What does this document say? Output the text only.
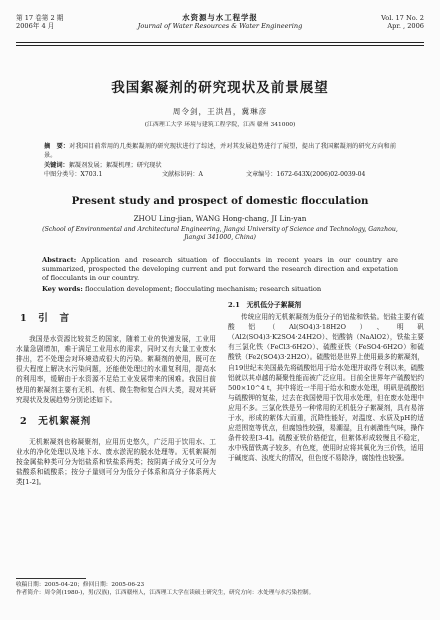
第 17 卷第 2 期
2006年 4 月
水资源与水工程学报
Journal of Water Resources & Water Engineering
Vol. 17 No. 2
Apr. , 2006
我国絮凝剂的研究现状及前景展望
周令剑，王洪昌，冀琳彦
(江西理工大学 环境与建筑工程学院，江西 赣州 341000)
摘　要：对我国目前常用的几类絮凝剂的研究现状进行了综述，并对其发展趋势进行了展望，提出了我国絮凝剂的研究方向和前景。
关键词：絮凝剂发展；絮凝机理；研究现状
中图分类号：X703.1	文献标识码：A	文章编号：1672-643X(2006)02-0039-04
Present study and prospect of domestic flocculation
ZHOU Ling-jian, WANG Hong-chang, JI Lin-yan
(School of Environmental and Architectural Engineering, Jiangxi University of Science and Technology, Ganzhou, Jiangxi 341000, China)
Abstract: Application and research situation of flocculants in recent years in our country are summarized, prospected the developing current and put forward the research direction and expetation of flocculants in our country.
Key words: flocculation development; flocculating mechanism; research situation
1　引　言
我国是水资源比较贫乏的国家，随着工业的快速发展，工业用水量急剧增加，难于满足工业用水的需求，同时又有大量工业废水排出，若不处理会对环境造成很大的污染。絮凝剂的使用，既可在很大程度上解决水污染问题，还能使处理过的水重复利用，提高水的利用率，缓解由于水资源不足给工业发展带来的困难。我国目前使用的絮凝剂主要有无机、有机、微生物和复合四大类，现对其研究现状及发展趋势分别论述如下。
2　无机絮凝剂
无机絮凝剂也称凝聚剂，应用历史悠久，广泛用于饮用水、工业水的净化处理以及地下水、废水淤泥的脱水处理等。无机絮凝剂按金属盐种类可分为铝盐系和铁盐系两类；按阴离子成分又可分为盐酸系和硫酸系；按分子量则可分为低分子体系和高分子体系两大类[1-2]。
2.1　无机低分子絮凝剂
传统应用的无机絮凝剂为低分子的铝盐和铁盐。铝盐主要有硫酸铝（Al(SO4)3·18H2O）、明矾（Al2(SO4)3·K2SO4·24H2O）、铝酸钠（NaAlO2），铁盐主要有三氯化铁（FeCl3·6H2O）、硫酸亚铁（FeSO4·6H2O）和硫酸铁（Fe2(SO4)3·2H2O）。硫酸铝是世界上使用最多的絮凝剂，自19世纪末美国最先将硫酸铝用于给水处理并取得专利以来，硫酸铝就以其卓越的凝聚性能而被广泛应用。目前全世界年产硫酸铝约500×10^4 t，其中将近一半用于给水和废水处理，明矾是硫酸铝与硫酸钾的复盐，过去在我国使用于饮用水处理，但在废水处理中应用不多。三氯化铁是另一种常用的无机低分子絮凝剂，具有易溶于水，形成的絮体大而重，沉降性能好，对温度、水质及pH的适应范围宽等优点，但腐蚀性较强，易潮湿，且有刺激性气味，操作条件较差[3-4]。硫酸亚铁价格便宜，但絮体形成较慢且不稳定，水中残留铁离子较多，有色度，使用时应将其氧化为三价铁，适用于碱度高、浊度大的情况，但色度不易除净，腐蚀性也较强。
收稿日期：2005-04-20；修回日期：2005-06-23
作者简介：周令剑(1980-)，男(汉族)，江西赣州人，江西理工大学在读硕士研究生，研究方向：水处理与水污染控制。
